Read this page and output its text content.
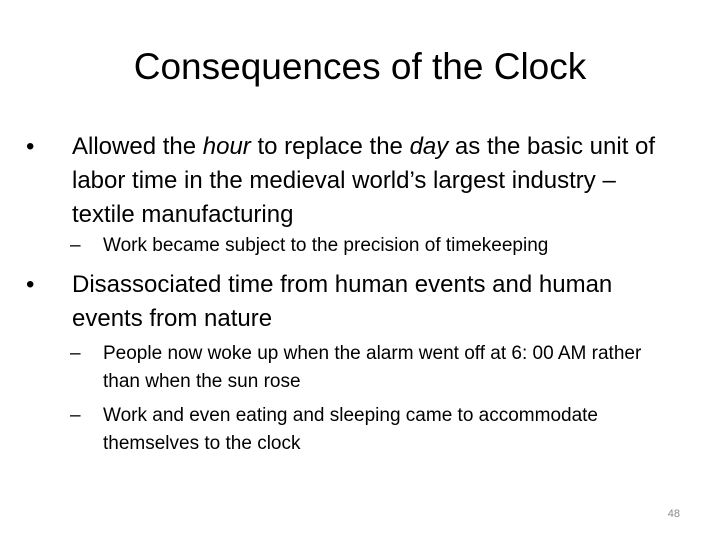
Consequences of the Clock
•	Allowed the hour to replace the day as the basic unit of labor time in the medieval world’s largest industry – textile manufacturing
–	Work became subject to the precision of timekeeping
•	Disassociated time from human events and human events from nature
–	People now woke up when the alarm went off at 6: 00 AM rather than when the sun rose
–	Work and even eating and sleeping came to accommodate themselves to the clock
48
